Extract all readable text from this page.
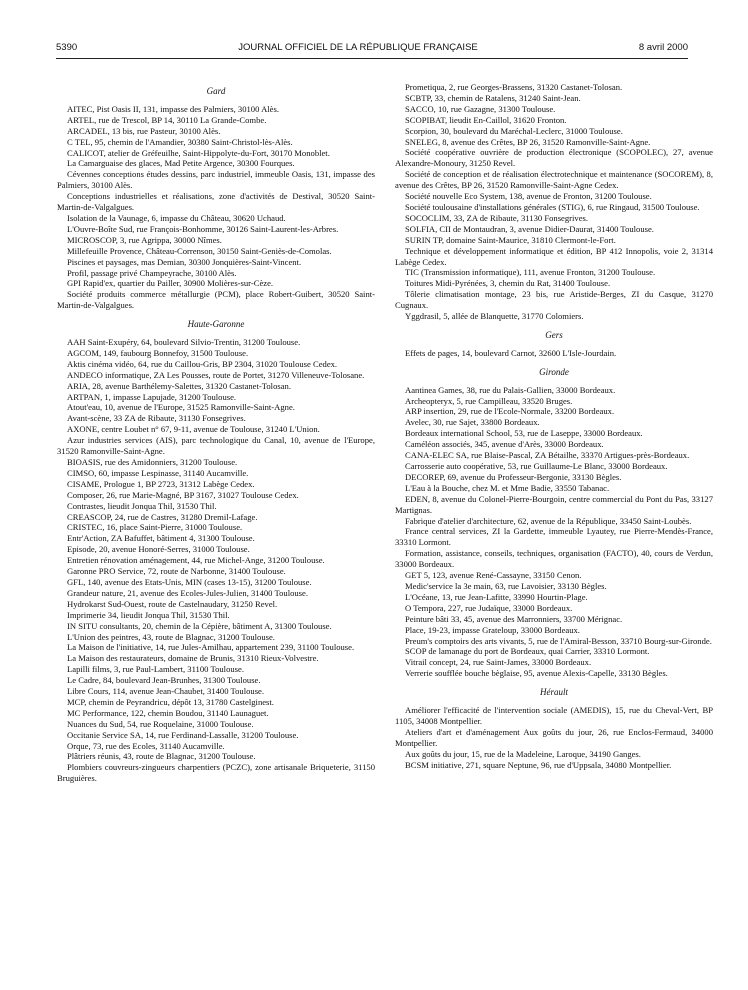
5390	JOURNAL OFFICIEL DE LA RÉPUBLIQUE FRANÇAISE	8 avril 2000
Gard

AITEC, Pist Oasis II, 131, impasse des Palmiers, 30100 Alès.

ARTEL, rue de Trescol, BP 14, 30110 La Grande-Combe.

ARCADEL, 13 bis, rue Pasteur, 30100 Alès.

C TEL, 95, chemin de l'Amandier, 30380 Saint-Christol-lès-Alès.

CALICOT, atelier de Gréfeuilhe, Saint-Hippolyte-du-Fort, 30170 Monoblet.

La Camarguaise des glaces, Mad Petite Argence, 30300 Fourques.

Cévennes conceptions études dessins, parc industriel, immeuble Oasis, 131, impasse des Palmiers, 30100 Alès.

Conceptions industrielles et réalisations, zone d'activités de Destival, 30520 Saint-Martin-de-Valgalgues.

Isolation de la Vaunage, 6, impasse du Château, 30620 Uchaud.

L'Ouvre-Boîte Sud, rue François-Bonhomme, 30126 Saint-Laurent-les-Arbres.

MICROSCOP, 3, rue Agrippa, 30000 Nîmes.

Millefeuille Provence, Château-Correnson, 30150 Saint-Geniès-de-Comolas.

Piscines et paysages, mas Demian, 30300 Jonquières-Saint-Vincent.

Profil, passage privé Champeyrache, 30100 Alès.

GPI Rapid'ex, quartier du Pailler, 30900 Molières-sur-Cèze.

Société produits commerce métallurgie (PCM), place Robert-Guibert, 30520 Saint-Martin-de-Valgalgues.

Haute-Garonne

AAH Saint-Exupéry, 64, boulevard Silvio-Trentin, 31200 Toulouse.

AGCOM, 149, faubourg Bonnefoy, 31500 Toulouse.

Aktis cinéma vidéo, 64, rue du Caillou-Gris, BP 2304, 31020 Toulouse Cedex.

ANDECO informatique, ZA Les Pousses, route de Portet, 31270 Villeneuve-Tolosane.

ARIA, 28, avenue Barthélemy-Salettes, 31320 Castanet-Tolosan.

ARTPAN, 1, impasse Lapujade, 31200 Toulouse.

Atout'eau, 10, avenue de l'Europe, 31525 Ramonville-Saint-Agne.

Avant-scène, 33 ZA de Ribaute, 31130 Fonsegrives.

AXONE, centre Loubet n° 67, 9-11, avenue de Toulouse, 31240 L'Union.

Azur industries services (AIS), parc technologique du Canal, 10, avenue de l'Europe, 31520 Ramonville-Saint-Agne.

BIOASIS, rue des Amidonniers, 31200 Toulouse.

CIMSO, 60, impasse Lespinasse, 31140 Aucamville.

CISAME, Prologue 1, BP 2723, 31312 Labège Cedex.

Composer, 26, rue Marie-Magné, BP 3167, 31027 Toulouse Cedex.

Contrastes, lieudit Jonqua Thil, 31530 Thil.

CREASCOP, 24, rue de Castres, 31280 Dremil-Lafage.

CRISTEC, 16, place Saint-Pierre, 31000 Toulouse.

Entr'Action, ZA Bafuffet, bâtiment 4, 31300 Toulouse.

Episode, 20, avenue Honoré-Serres, 31000 Toulouse.

Entretien rénovation aménagement, 44, rue Michel-Ange, 31200 Toulouse.

Garonne PRO Service, 72, route de Narbonne, 31400 Toulouse.

GFL, 140, avenue des Etats-Unis, MIN (cases 13-15), 31200 Toulouse.

Grandeur nature, 21, avenue des Ecoles-Jules-Julien, 31400 Toulouse.

Hydrokarst Sud-Ouest, route de Castelnaudary, 31250 Revel.

Imprimerie 34, lieudit Jonqua Thil, 31530 Thil.

IN SITU consultants, 20, chemin de la Cépière, bâtiment A, 31300 Toulouse.

L'Union des peintres, 43, route de Blagnac, 31200 Toulouse.

La Maison de l'initiative, 14, rue Jules-Amilhau, appartement 239, 31100 Toulouse.

La Maison des restaurateurs, domaine de Brunis, 31310 Rieux-Volvestre.

Lapilli films, 3, rue Paul-Lambert, 31100 Toulouse.

Le Cadre, 84, boulevard Jean-Brunhes, 31300 Toulouse.

Libre Cours, 114, avenue Jean-Chaubet, 31400 Toulouse.

MCP, chemin de Peyrandricu, dépôt 13, 31780 Castelginest.

MC Performance, 122, chemin Boudou, 31140 Launaguet.

Nuances du Sud, 54, rue Roquelaine, 31000 Toulouse.

Occitanie Service SA, 14, rue Ferdinand-Lassalle, 31200 Toulouse.

Orque, 73, rue des Ecoles, 31140 Aucamville.

Plâtriers réunis, 43, route de Blagnac, 31200 Toulouse.

Plombiers couvreurs-zingueurs charpentiers (PCZC), zone artisanale Briqueterie, 31150 Bruguières.

Prometiqua, 2, rue Georges-Brassens, 31320 Castanet-Tolosan.

SCBTP, 33, chemin de Ratalens, 31240 Saint-Jean.

SACCO, 10, rue Gazagne, 31300 Toulouse.

SCOPIBAT, lieudit En-Caillol, 31620 Fronton.

Scorpion, 30, boulevard du Maréchal-Leclerc, 31000 Toulouse.

SNELEG, 8, avenue des Crêtes, BP 26, 31520 Ramonville-Saint-Agne.

Société coopérative ouvrière de production électronique (SCOPOLEC), 27, avenue Alexandre-Monoury, 31250 Revel.

Société de conception et de réalisation électrotechnique et maintenance (SOCOREM), 8, avenue des Crêtes, BP 26, 31520 Ramonville-Saint-Agne Cedex.

Société nouvelle Eco System, 138, avenue de Fronton, 31200 Toulouse.

Société toulousaine d'installations générales (STIG), 6, rue Ringaud, 31500 Toulouse.

SOCOCLIM, 33, ZA de Ribaute, 31130 Fonsegrives.

SOLFIA, CII de Montaudran, 3, avenue Didier-Daurat, 31400 Toulouse.

SURIN TP, domaine Saint-Maurice, 31810 Clermont-le-Fort.

Technique et développement informatique et édition, BP 412 Innopolis, voie 2, 31314 Labège Cedex.

TIC (Transmission informatique), 111, avenue Fronton, 31200 Toulouse.

Toitures Midi-Pyrénées, 3, chemin du Rat, 31400 Toulouse.

Tôlerie climatisation montage, 23 bis, rue Aristide-Berges, ZI du Casque, 31270 Cugnaux.

Yggdrasil, 5, allée de Blanquette, 31770 Colomiers.

Gers

Effets de pages, 14, boulevard Carnot, 32600 L'Isle-Jourdain.

Gironde

Aantinea Games, 38, rue du Palais-Gallien, 33000 Bordeaux.

Archeopteryx, 5, rue Campilleau, 33520 Bruges.

ARP insertion, 29, rue de l'Ecole-Normale, 33200 Bordeaux.

Avelec, 30, rue Sajet, 33800 Bordeaux.

Bordeaux international School, 53, rue de Laseppe, 33000 Bordeaux.

Caméléon associés, 345, avenue d'Arès, 33000 Bordeaux.

CANA-ELEC SA, rue Blaise-Pascal, ZA Bétailhe, 33370 Artigues-près-Bordeaux.

Carrosserie auto coopérative, 53, rue Guillaume-Le Blanc, 33000 Bordeaux.

DECOREP, 69, avenue du Professeur-Bergonie, 33130 Bègles.

L'Eau à la Bouche, chez M. et Mme Badie, 33550 Tabanac.

EDEN, 8, avenue du Colonel-Pierre-Bourgoin, centre commercial du Pont du Pas, 33127 Martignas.

Fabrique d'atelier d'architecture, 62, avenue de la République, 33450 Saint-Loubès.

France central services, ZI la Gardette, immeuble Lyautey, rue Pierre-Mendès-France, 33310 Lormont.

Formation, assistance, conseils, techniques, organisation (FACTO), 40, cours de Verdun, 33000 Bordeaux.

GET 5, 123, avenue René-Cassayne, 33150 Cenon.

Medic'service la 3e main, 63, rue Lavoisier, 33130 Bègles.

L'Océane, 13, rue Jean-Lafitte, 33990 Hourtin-Plage.

O Tempora, 227, rue Judaïque, 33000 Bordeaux.

Peinture bâti 33, 45, avenue des Marronniers, 33700 Mérignac.

Place, 19-23, impasse Grateloup, 33000 Bordeaux.

Preum's comptoirs des arts vivants, 5, rue de l'Amiral-Besson, 33710 Bourg-sur-Gironde.

SCOP de lamanage du port de Bordeaux, quai Carrier, 33310 Lormont.

Vitrail concept, 24, rue Saint-James, 33000 Bordeaux.

Verrerie soufflée bouche bèglaise, 95, avenue Alexis-Capelle, 33130 Bègles.

Hérault

Améliorer l'efficacité de l'intervention sociale (AMEDIS), 15, rue du Cheval-Vert, BP 1105, 34008 Montpellier.

Ateliers d'art et d'aménagement Aux goûts du jour, 26, rue Enclos-Fermaud, 34000 Montpellier.

Aux goûts du jour, 15, rue de la Madeleine, Laroque, 34190 Ganges.

BCSM initiative, 271, square Neptune, 96, rue d'Uppsala, 34080 Montpellier.
